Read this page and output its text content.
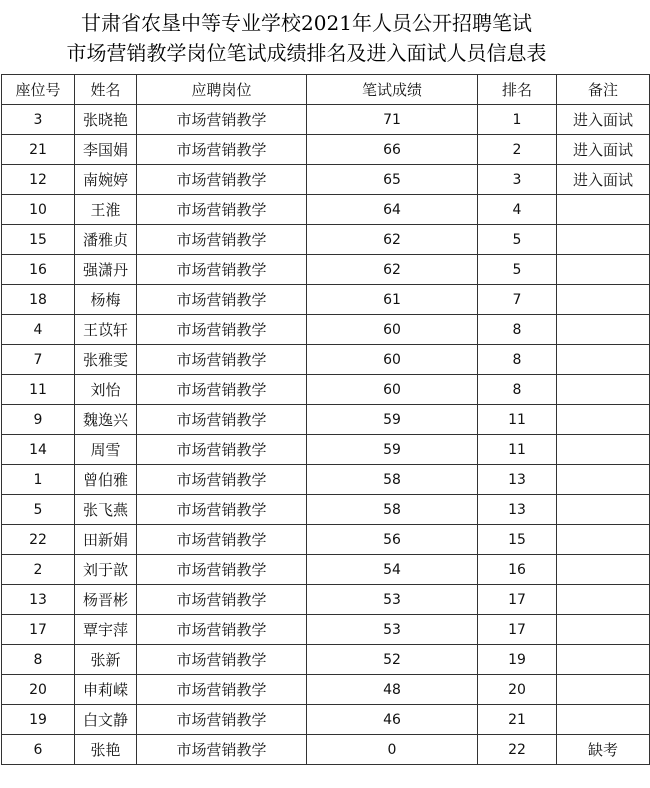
甘肃省农垦中等专业学校2021年人员公开招聘笔试
市场营销教学岗位笔试成绩排名及进入面试人员信息表
座位号	姓名	应聘岗位	笔试成绩	排名	备注
3	张晓艳	市场营销教学	71	1	进入面试
21	李国娟	市场营销教学	66	2	进入面试
12	南婉婷	市场营销教学	65	3	进入面试
10	王淮	市场营销教学	64	4	
15	潘雅贞	市场营销教学	62	5	
16	强潇丹	市场营销教学	62	5	
18	杨梅	市场营销教学	61	7	
4	王苡轩	市场营销教学	60	8	
7	张雅雯	市场营销教学	60	8	
11	刘怡	市场营销教学	60	8	
9	魏逸兴	市场营销教学	59	11	
14	周雪	市场营销教学	59	11	
1	曾伯雅	市场营销教学	58	13	
5	张飞燕	市场营销教学	58	13	
22	田新娟	市场营销教学	56	15	
2	刘于歆	市场营销教学	54	16	
13	杨晋彬	市场营销教学	53	17	
17	覃宇萍	市场营销教学	53	17	
8	张新	市场营销教学	52	19	
20	申莉嵘	市场营销教学	48	20	
19	白文静	市场营销教学	46	21	
6	张艳	市场营销教学	0	22	缺考
